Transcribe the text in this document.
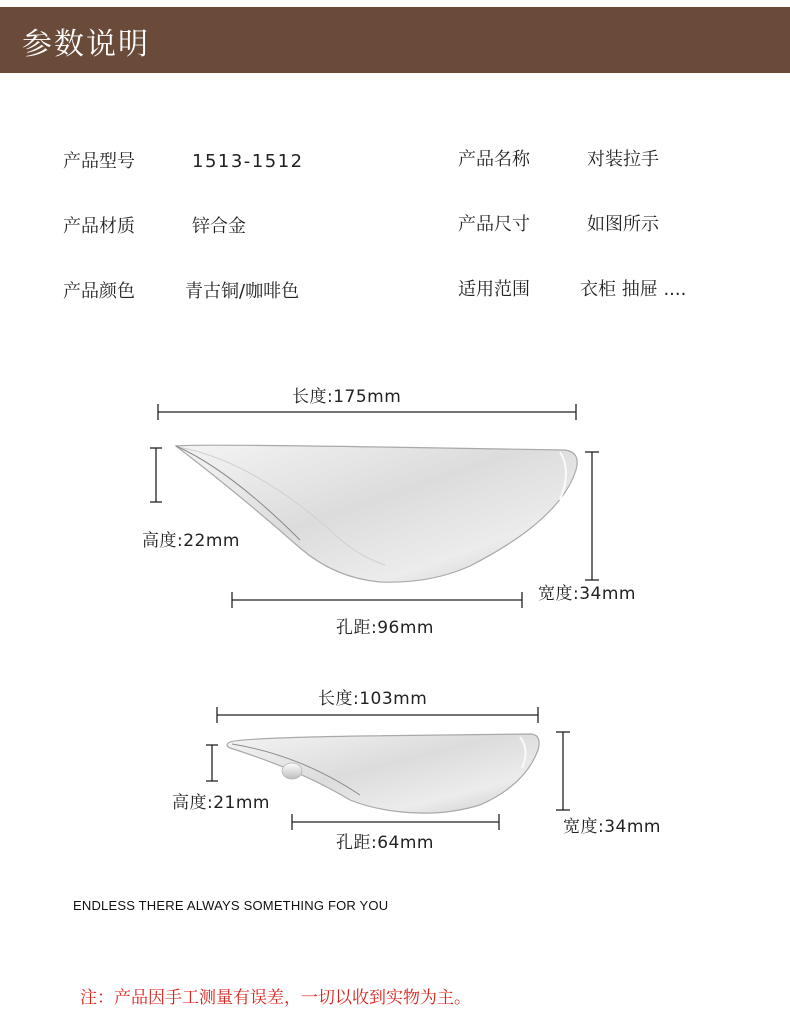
参数说明
产品型号	1513-1512	产品名称	对装拉手
产品材质	锌合金	产品尺寸	如图所示
产品颜色	青古铜/咖啡色	适用范围	衣柜 抽屉 ....
长度:175mm
高度:22mm
宽度:34mm
孔距:96mm
长度:103mm
高度:21mm
宽度:34mm
孔距:64mm
ENDLESS THERE ALWAYS SOMETHING FOR YOU
注：产品因手工测量有误差，一切以收到实物为主。
